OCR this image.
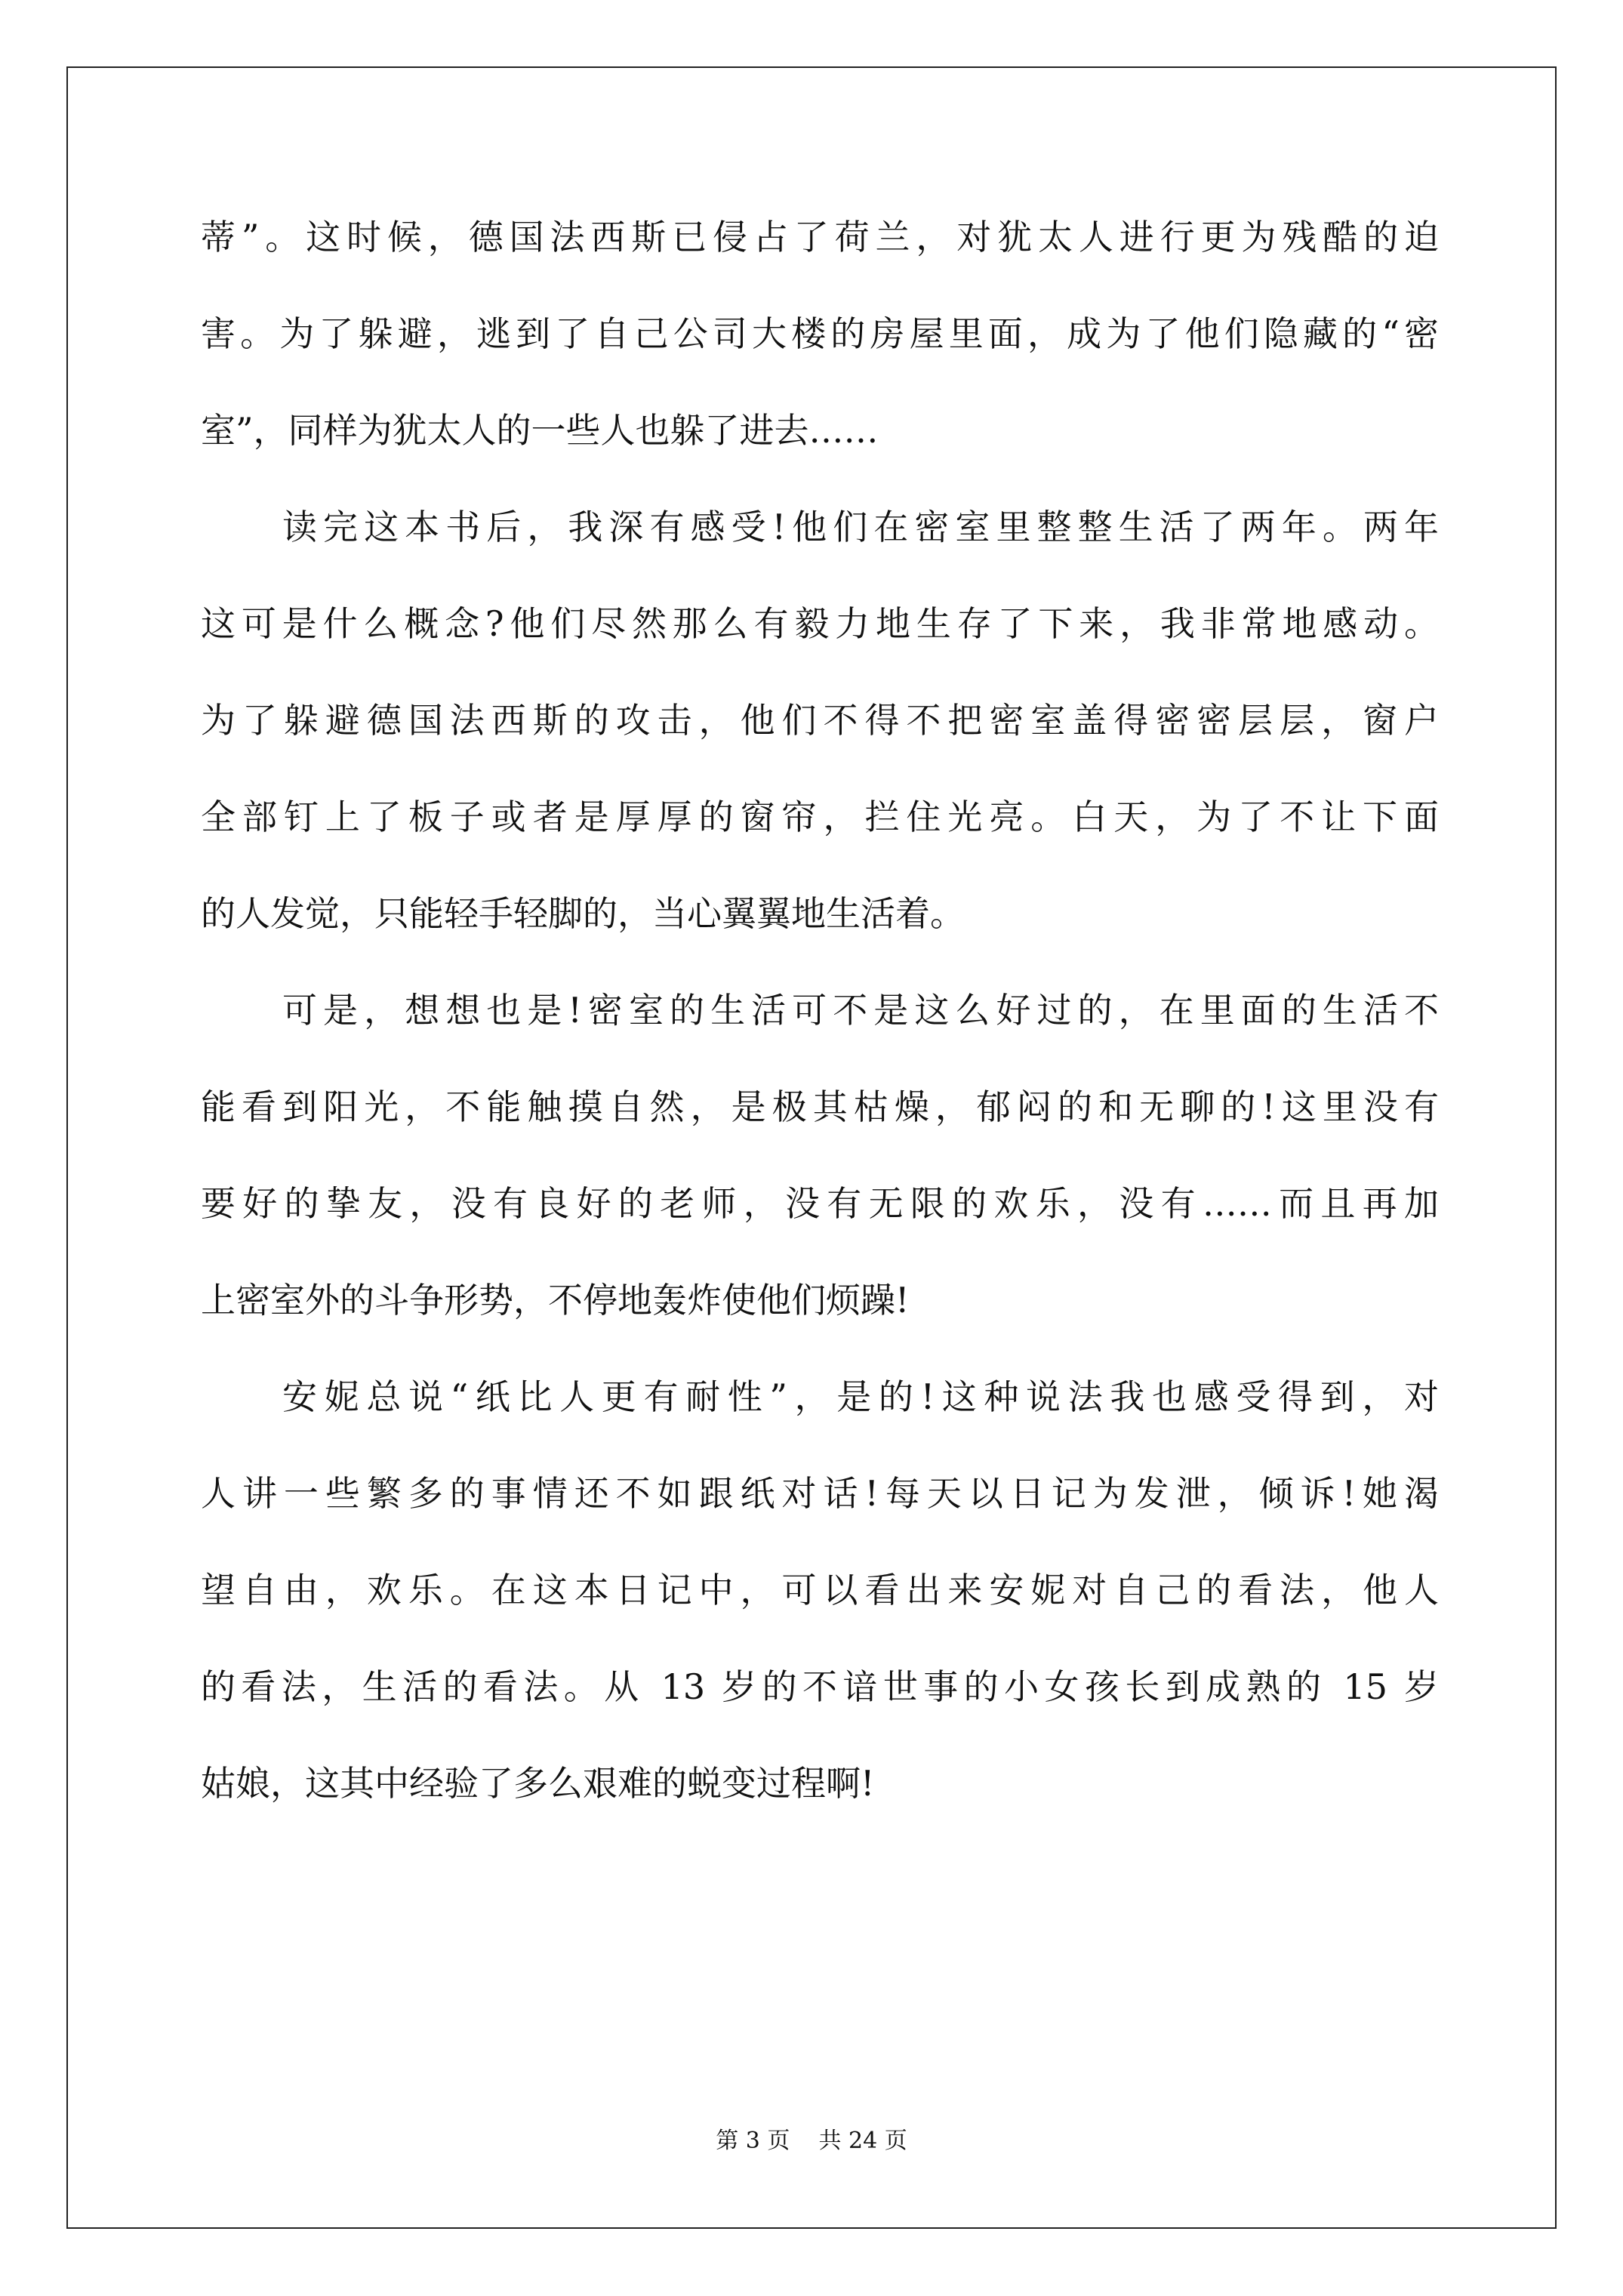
蒂”。这时候，德国法西斯已侵占了荷兰，对犹太人进行更为残酷的迫
害。为了躲避，逃到了自己公司大楼的房屋里面，成为了他们隐藏的“密
室”，同样为犹太人的一些人也躲了进去……
读完这本书后，我深有感受!他们在密室里整整生活了两年。两年
这可是什么概念?他们尽然那么有毅力地生存了下来，我非常地感动。
为了躲避德国法西斯的攻击，他们不得不把密室盖得密密层层，窗户
全部钉上了板子或者是厚厚的窗帘，拦住光亮。白天，为了不让下面
的人发觉，只能轻手轻脚的，当心翼翼地生活着。
可是，想想也是!密室的生活可不是这么好过的，在里面的生活不
能看到阳光，不能触摸自然，是极其枯燥，郁闷的和无聊的!这里没有
要好的挚友，没有良好的老师，没有无限的欢乐，没有……而且再加
上密室外的斗争形势，不停地轰炸使他们烦躁!
安妮总说“纸比人更有耐性”，是的!这种说法我也感受得到，对
人讲一些繁多的事情还不如跟纸对话!每天以日记为发泄，倾诉!她渴
望自由，欢乐。在这本日记中，可以看出来安妮对自己的看法，他人
的看法，生活的看法。从 13 岁的不谙世事的小女孩长到成熟的 15 岁
姑娘，这其中经验了多么艰难的蜕变过程啊!
第 3 页    共 24 页
